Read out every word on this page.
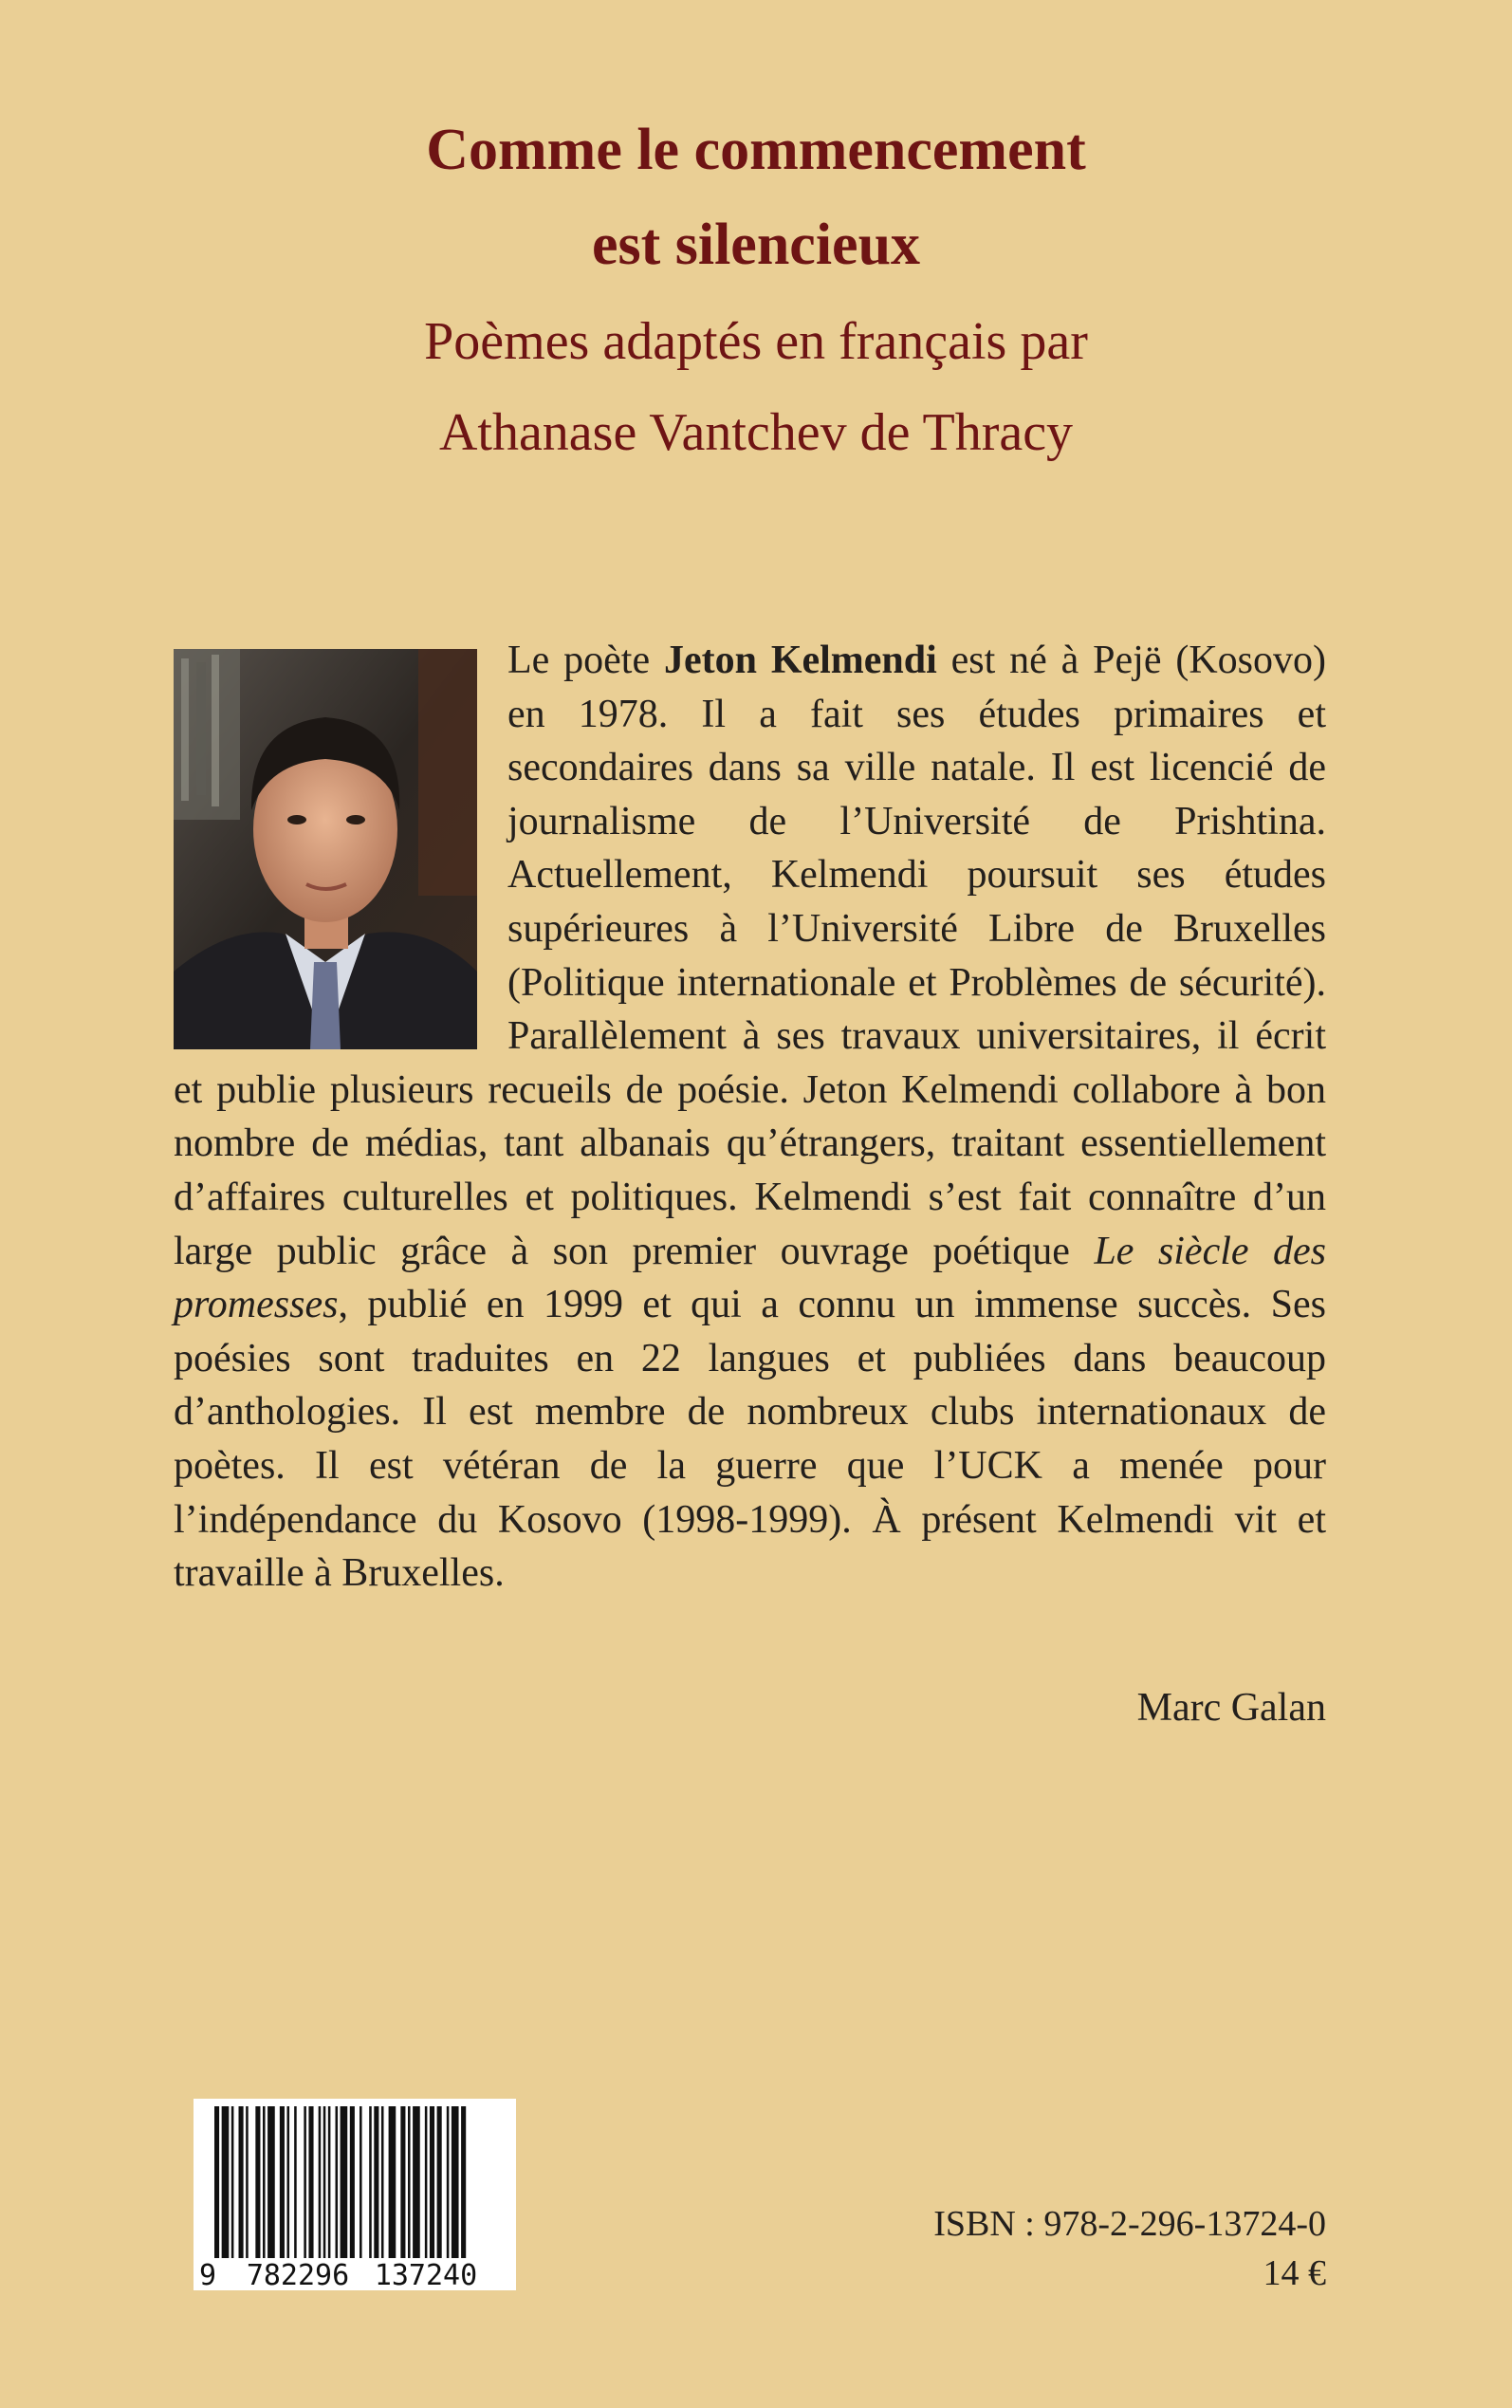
Comme le commencement
est silencieux
Poèmes adaptés en français par
Athanase Vantchev de Thracy
Le poète Jeton Kelmendi est né à Pejë (Kosovo) en 1978. Il a fait ses études primaires et secondaires dans sa ville natale. Il est licencié de journalisme de l’Université de Prishtina. Actuellement, Kelmendi poursuit ses études supérieures à l’Université Libre de Bruxelles (Politique internationale et Problèmes de sécurité). Parallèlement à ses travaux universitaires, il écrit et publie plusieurs recueils de poésie. Jeton Kelmendi collabore à bon nombre de médias, tant albanais qu’étrangers, traitant essentiellement d’affaires culturelles et politiques. Kelmendi s’est fait connaître d’un large public grâce à son premier ouvrage poétique Le siècle des promesses, publié en 1999 et qui a connu un immense succès. Ses poésies sont traduites en 22 langues et publiées dans beaucoup d’anthologies. Il est membre de nombreux clubs internationaux de poètes. Il est vétéran de la guerre que l’UCK a menée pour l’indépendance du Kosovo (1998-1999). À présent Kelmendi vit et travaille à Bruxelles.

Marc Galan

9 782296 137240
ISBN : 978-2-296-13724-0
14 €
